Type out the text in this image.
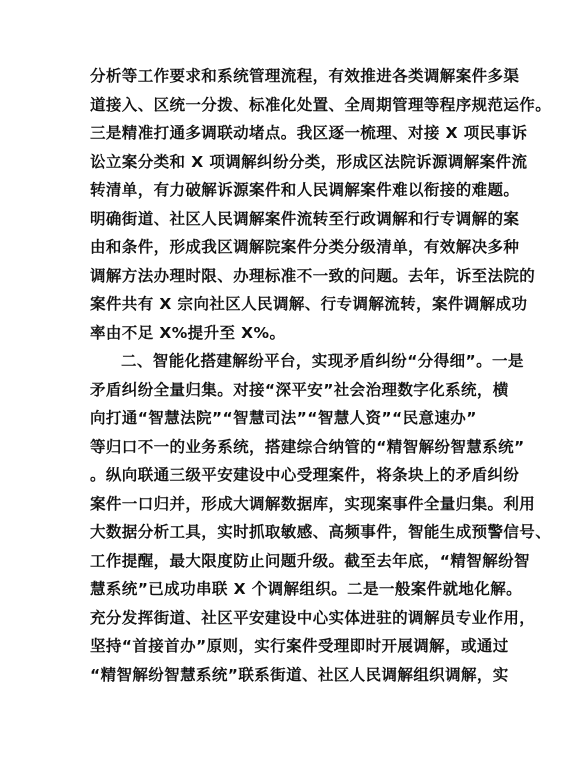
分析等工作要求和系统管理流程，有效推进各类调解案件多渠
道接入、区统一分拨、标准化处置、全周期管理等程序规范运作。
三是精准打通多调联动堵点。我区逐一梳理、对接 X 项民事诉
讼立案分类和 X 项调解纠纷分类，形成区法院诉源调解案件流
转清单，有力破解诉源案件和人民调解案件难以衔接的难题。
明确街道、社区人民调解案件流转至行政调解和行专调解的案
由和条件，形成我区调解院案件分类分级清单，有效解决多种
调解方法办理时限、办理标准不一致的问题。去年，诉至法院的
案件共有 X 宗向社区人民调解、行专调解流转，案件调解成功
率由不足 X%提升至 X%。
二、智能化搭建解纷平台，实现矛盾纠纷“分得细”。一是
矛盾纠纷全量归集。对接“深平安”社会治理数字化系统，横
向打通“智慧法院”“智慧司法”“智慧人资”“民意速办”
等归口不一的业务系统，搭建综合纳管的“精智解纷智慧系统”
。纵向联通三级平安建设中心受理案件，将条块上的矛盾纠纷
案件一口归并，形成大调解数据库，实现案事件全量归集。利用
大数据分析工具，实时抓取敏感、高频事件，智能生成预警信号、
工作提醒，最大限度防止问题升级。截至去年底，“精智解纷智
慧系统”已成功串联 X 个调解组织。二是一般案件就地化解。
充分发挥街道、社区平安建设中心实体进驻的调解员专业作用，
坚持“首接首办”原则，实行案件受理即时开展调解，或通过
“精智解纷智慧系统”联系街道、社区人民调解组织调解，实
